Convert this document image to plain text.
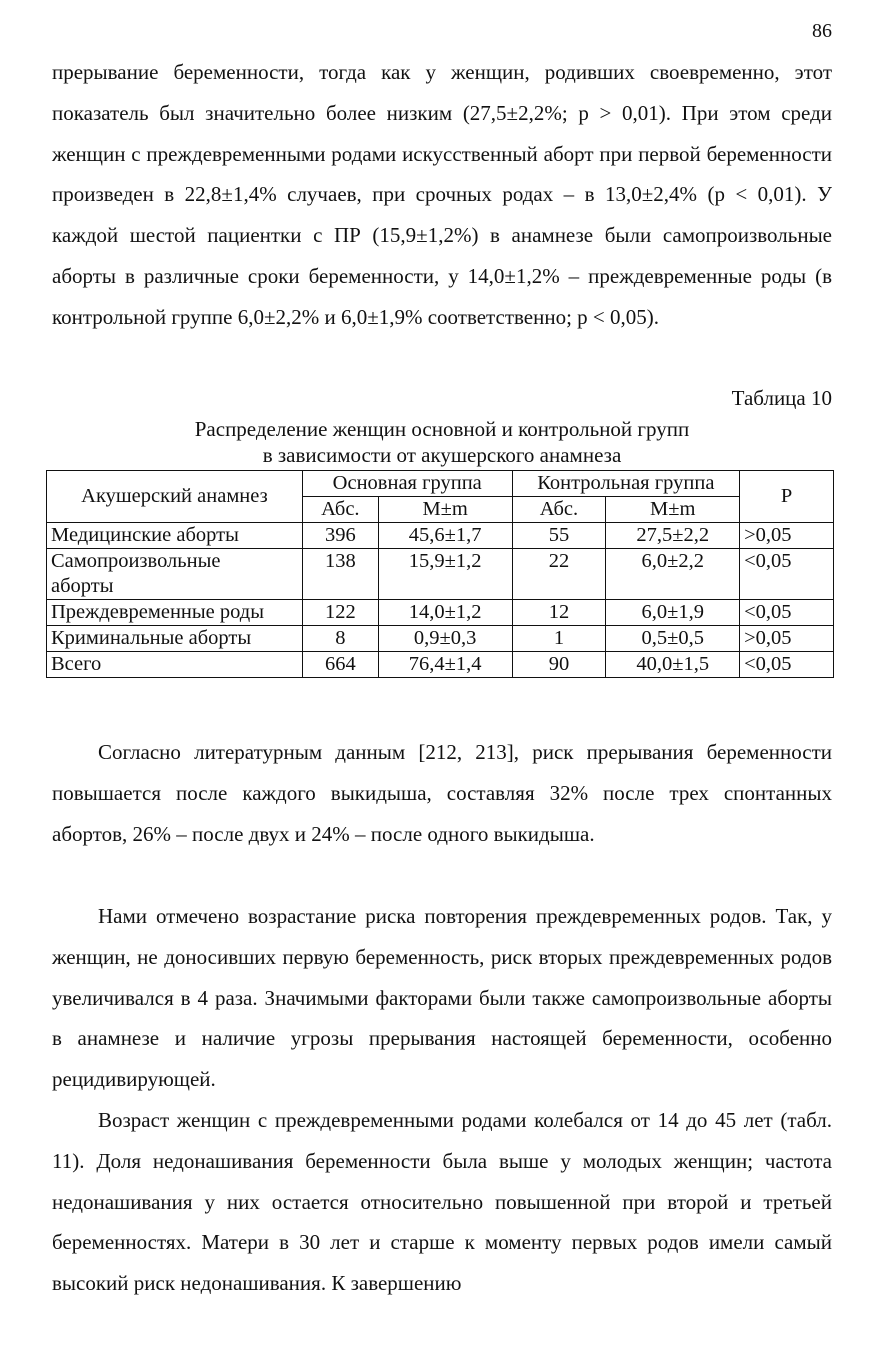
86

прерывание беременности, тогда как у женщин, родивших своевременно, этот показатель был значительно более низким (27,5±2,2%; p > 0,01). При этом среди женщин с преждевременными родами искусственный аборт при первой беременности произведен в 22,8±1,4% случаев, при срочных родах – в 13,0±2,4% (p < 0,01). У каждой шестой пациентки с ПР (15,9±1,2%) в анамнезе были самопроизвольные аборты в различные сроки беременности, у 14,0±1,2% – преждевременные роды (в контрольной группе 6,0±2,2% и 6,0±1,9% соответственно; p < 0,05).

Таблица 10
Распределение женщин основной и контрольной групп
в зависимости от акушерского анамнеза
Акушерский анамнез	Основная группа		Контрольная группа		P
	Абс.	М±m	Абс.	М±m	
Медицинские аборты	396	45,6±1,7	55	27,5±2,2	>0,05
Самопроизвольные аборты	138	15,9±1,2	22	6,0±2,2	<0,05
Преждевременные роды	122	14,0±1,2	12	6,0±1,9	<0,05
Криминальные аборты	8	0,9±0,3	1	0,5±0,5	>0,05
Всего	664	76,4±1,4	90	40,0±1,5	<0,05

Согласно литературным данным [212, 213], риск прерывания беременности повышается после каждого выкидыша, составляя 32% после трех спонтанных абортов, 26% – после двух и 24% – после одного выкидыша.

Нами отмечено возрастание риска повторения преждевременных родов. Так, у женщин, не доносивших первую беременность, риск вторых преждевременных родов увеличивался в 4 раза. Значимыми факторами были также самопроизвольные аборты в анамнезе и наличие угрозы прерывания настоящей беременности, особенно рецидивирующей.

Возраст женщин с преждевременными родами колебался от 14 до 45 лет (табл. 11). Доля недонашивания беременности была выше у молодых женщин; частота недонашивания у них остается относительно повышенной при второй и третьей беременностях. Матери в 30 лет и старше к моменту первых родов имели самый высокий риск недонашивания. К завершению
